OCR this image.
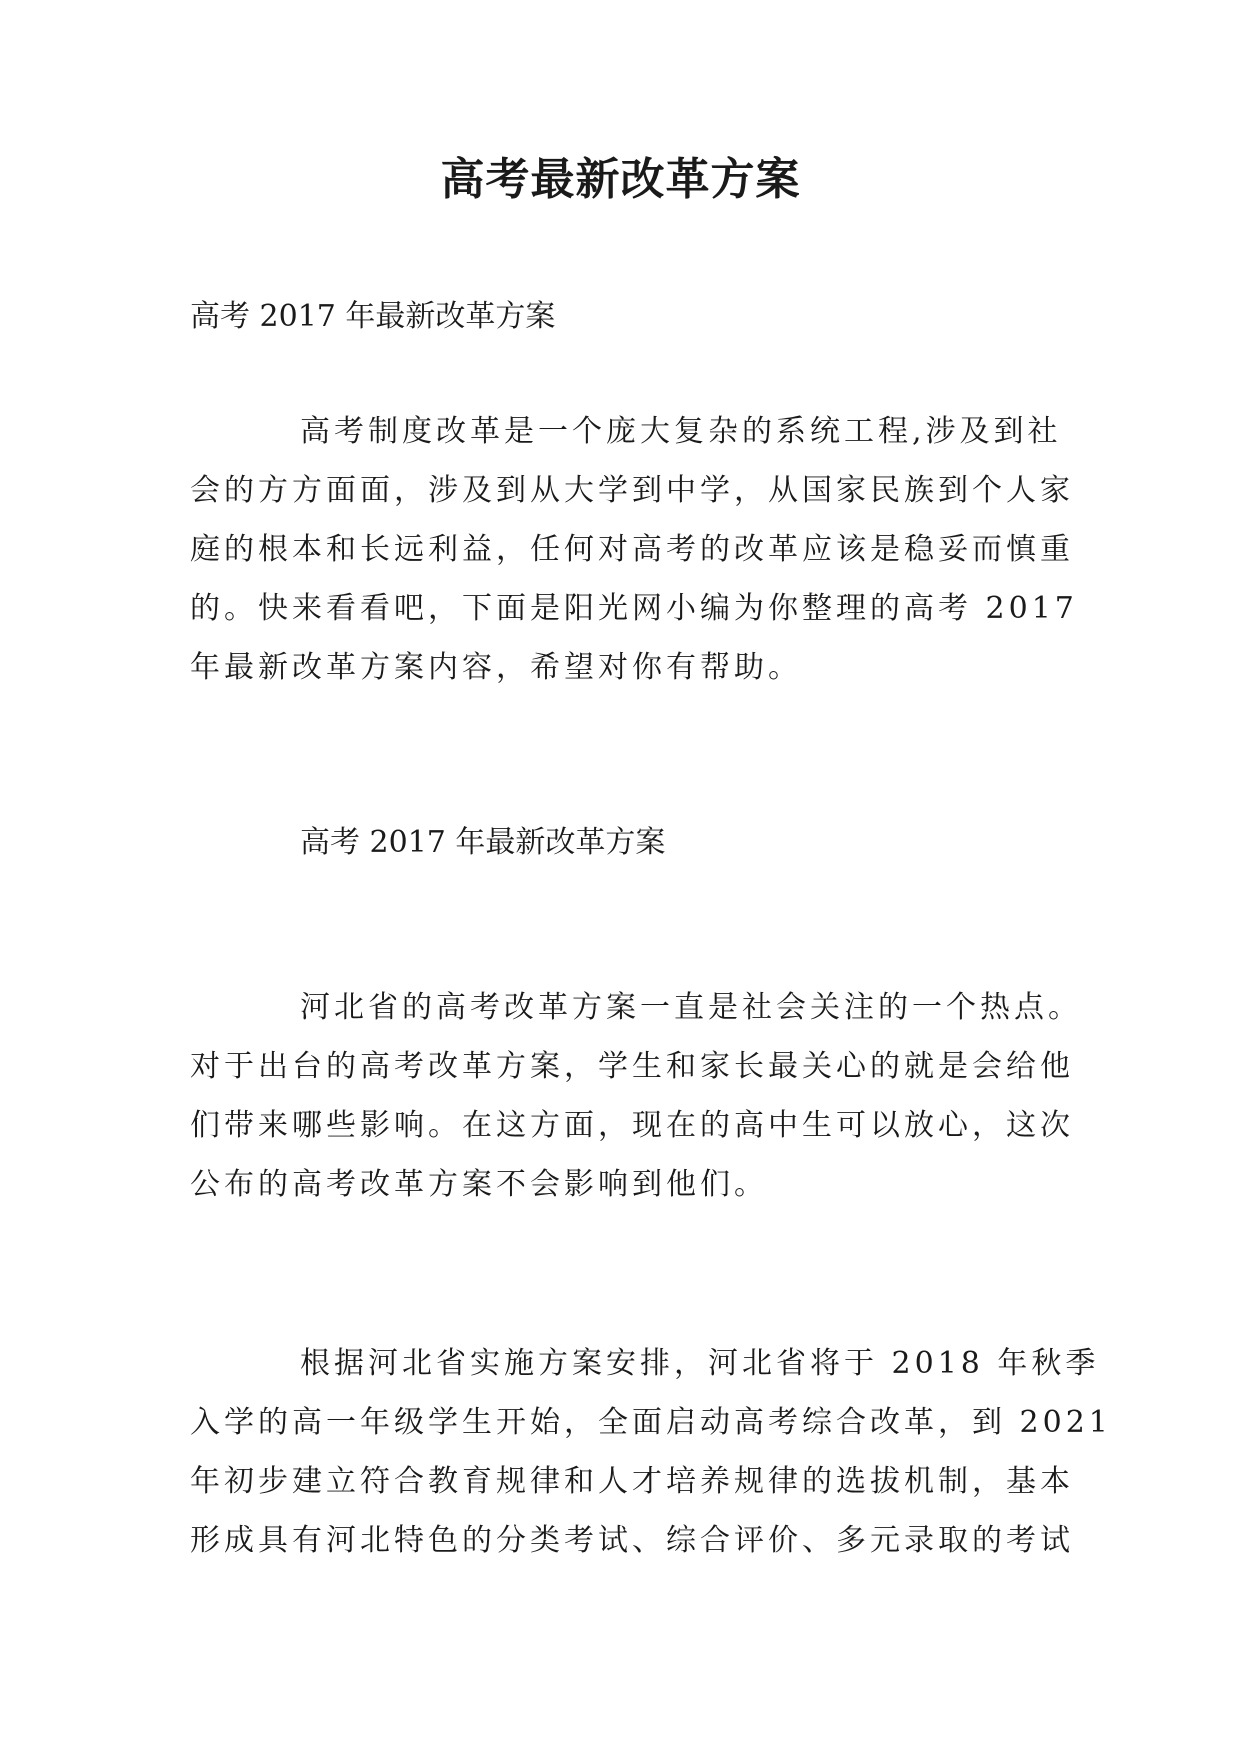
高考最新改革方案
高考 2017 年最新改革方案
高考制度改革是一个庞大复杂的系统工程,涉及到社
会的方方面面，涉及到从大学到中学，从国家民族到个人家
庭的根本和长远利益，任何对高考的改革应该是稳妥而慎重
的。快来看看吧，下面是阳光网小编为你整理的高考 2017
年最新改革方案内容，希望对你有帮助。
高考 2017 年最新改革方案
河北省的高考改革方案一直是社会关注的一个热点。
对于出台的高考改革方案，学生和家长最关心的就是会给他
们带来哪些影响。在这方面，现在的高中生可以放心，这次
公布的高考改革方案不会影响到他们。
根据河北省实施方案安排，河北省将于 2018 年秋季
入学的高一年级学生开始，全面启动高考综合改革，到 2021
年初步建立符合教育规律和人才培养规律的选拔机制，基本
形成具有河北特色的分类考试、综合评价、多元录取的考试
